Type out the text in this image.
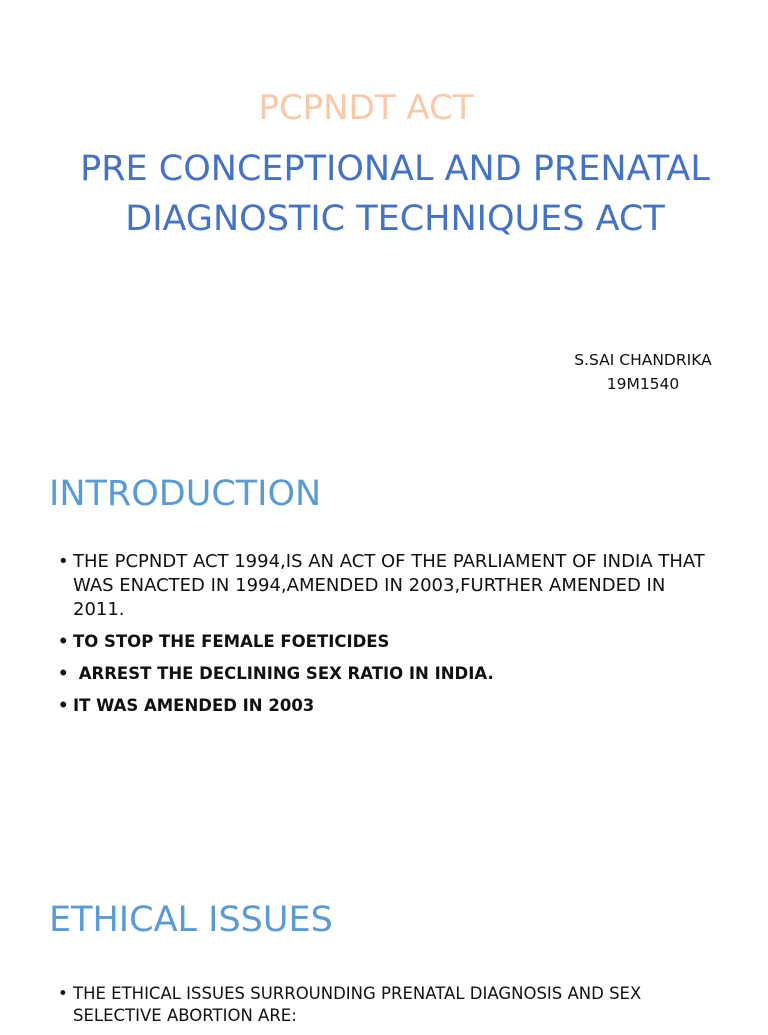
PCPNDT ACT
PRE CONCEPTIONAL AND PRENATAL
DIAGNOSTIC TECHNIQUES ACT
S.SAI CHANDRIKA
19M1540
INTRODUCTION
• THE PCPNDT ACT 1994,IS AN ACT OF THE PARLIAMENT OF INDIA THAT WAS ENACTED IN 1994,AMENDED IN 2003,FURTHER AMENDED IN 2011.
• TO STOP THE FEMALE FOETICIDES
• ARREST THE DECLINING SEX RATIO IN INDIA.
• IT WAS AMENDED IN 2003
ETHICAL ISSUES
• THE ETHICAL ISSUES SURROUNDING PRENATAL DIAGNOSIS AND SEX SELECTIVE ABORTION ARE:
